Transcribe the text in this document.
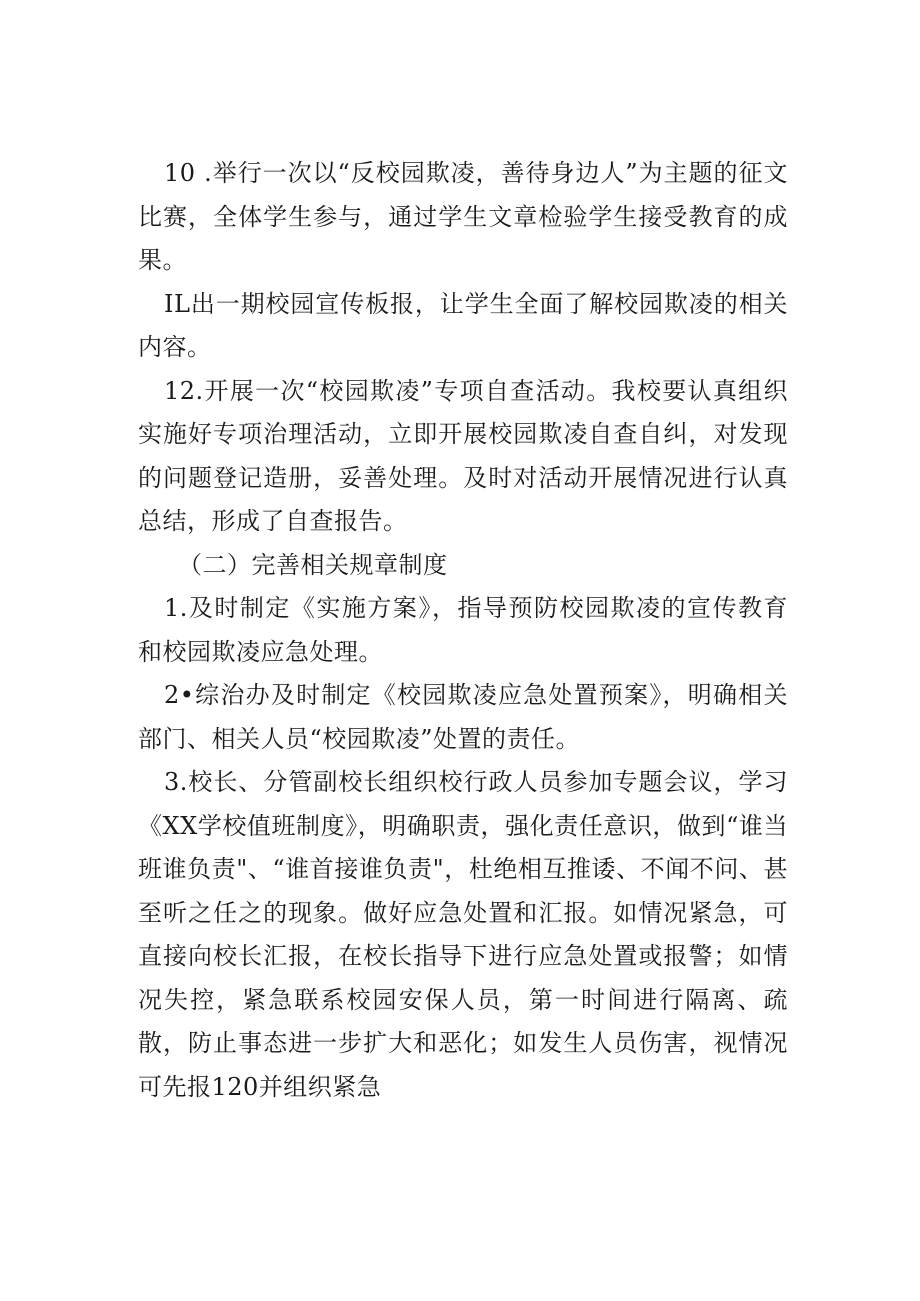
10 .举行一次以“反校园欺凌，善待身边人”为主题的征文比赛，全体学生参与，通过学生文章检验学生接受教育的成果。

IL出一期校园宣传板报，让学生全面了解校园欺凌的相关内容。

12.开展一次“校园欺凌”专项自查活动。我校要认真组织实施好专项治理活动，立即开展校园欺凌自查自纠，对发现的问题登记造册，妥善处理。及时对活动开展情况进行认真总结，形成了自查报告。

（二）完善相关规章制度

1.及时制定《实施方案》，指导预防校园欺凌的宣传教育和校园欺凌应急处理。

2•综治办及时制定《校园欺凌应急处置预案》，明确相关部门、相关人员“校园欺凌”处置的责任。

3.校长、分管副校长组织校行政人员参加专题会议，学习《XX学校值班制度》，明确职责，强化责任意识，做到“谁当班谁负责"、“谁首接谁负责"，杜绝相互推诿、不闻不问、甚至听之任之的现象。做好应急处置和汇报。如情况紧急，可直接向校长汇报，在校长指导下进行应急处置或报警；如情况失控，紧急联系校园安保人员，第一时间进行隔离、疏散，防止事态进一步扩大和恶化；如发生人员伤害，视情况可先报120并组织紧急
